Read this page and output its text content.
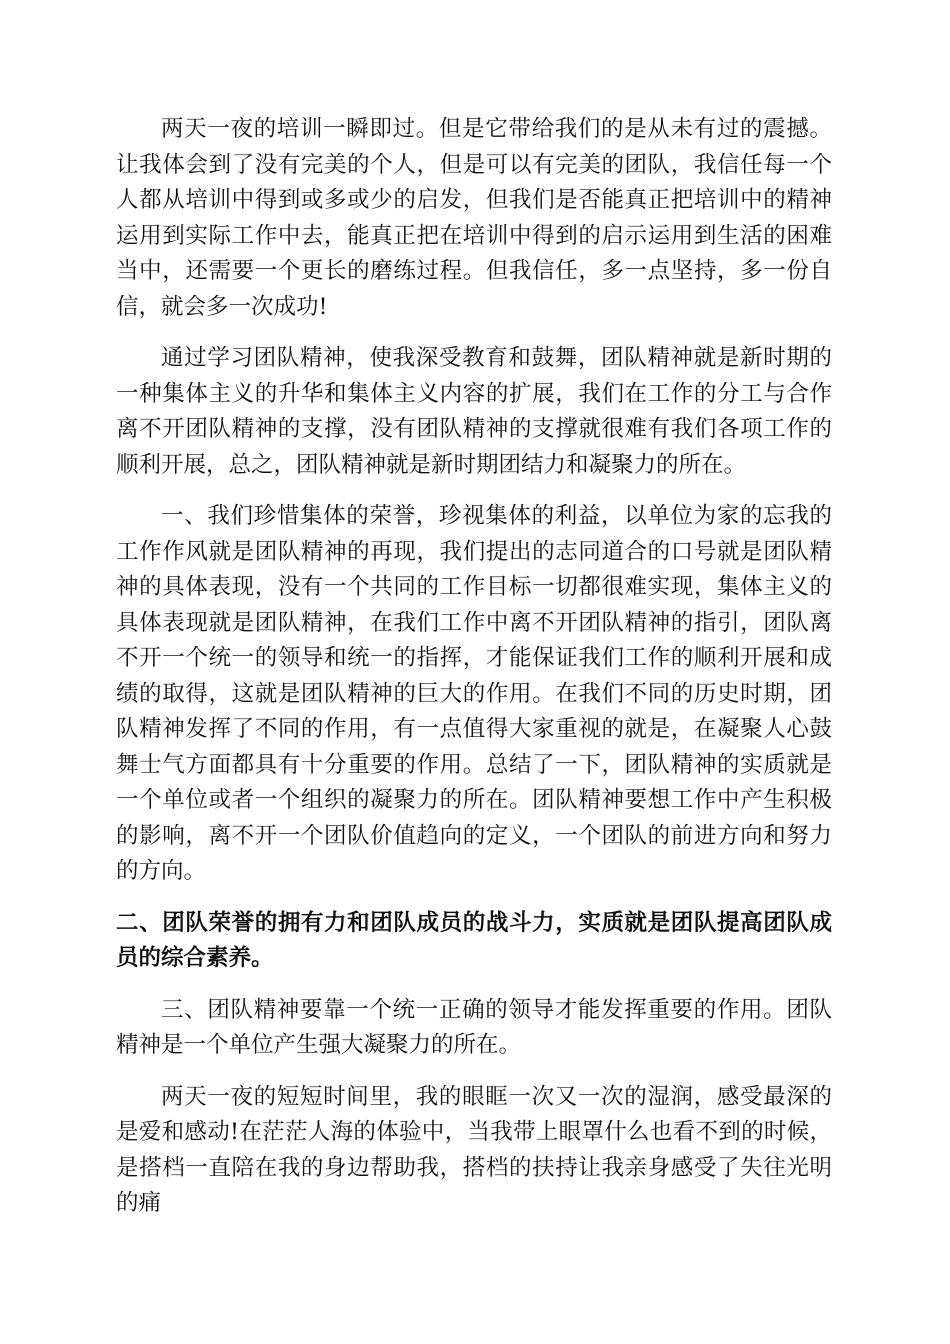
两天一夜的培训一瞬即过。但是它带给我们的是从未有过的震撼。让我体会到了没有完美的个人，但是可以有完美的团队，我信任每一个人都从培训中得到或多或少的启发，但我们是否能真正把培训中的精神运用到实际工作中去，能真正把在培训中得到的启示运用到生活的困难当中，还需要一个更长的磨练过程。但我信任，多一点坚持，多一份自信，就会多一次成功!

通过学习团队精神，使我深受教育和鼓舞，团队精神就是新时期的一种集体主义的升华和集体主义内容的扩展，我们在工作的分工与合作离不开团队精神的支撑，没有团队精神的支撑就很难有我们各项工作的顺利开展，总之，团队精神就是新时期团结力和凝聚力的所在。

一、我们珍惜集体的荣誉，珍视集体的利益，以单位为家的忘我的工作作风就是团队精神的再现，我们提出的志同道合的口号就是团队精神的具体表现，没有一个共同的工作目标一切都很难实现，集体主义的具体表现就是团队精神，在我们工作中离不开团队精神的指引，团队离不开一个统一的领导和统一的指挥，才能保证我们工作的顺利开展和成绩的取得，这就是团队精神的巨大的作用。在我们不同的历史时期，团队精神发挥了不同的作用，有一点值得大家重视的就是，在凝聚人心鼓舞士气方面都具有十分重要的作用。总结了一下，团队精神的实质就是一个单位或者一个组织的凝聚力的所在。团队精神要想工作中产生积极的影响，离不开一个团队价值趋向的定义，一个团队的前进方向和努力的方向。

二、团队荣誉的拥有力和团队成员的战斗力，实质就是团队提高团队成员的综合素养。

三、团队精神要靠一个统一正确的领导才能发挥重要的作用。团队精神是一个单位产生强大凝聚力的所在。

两天一夜的短短时间里，我的眼眶一次又一次的湿润，感受最深的是爱和感动!在茫茫人海的体验中，当我带上眼罩什么也看不到的时候，是搭档一直陪在我的身边帮助我，搭档的扶持让我亲身感受了失往光明的痛
